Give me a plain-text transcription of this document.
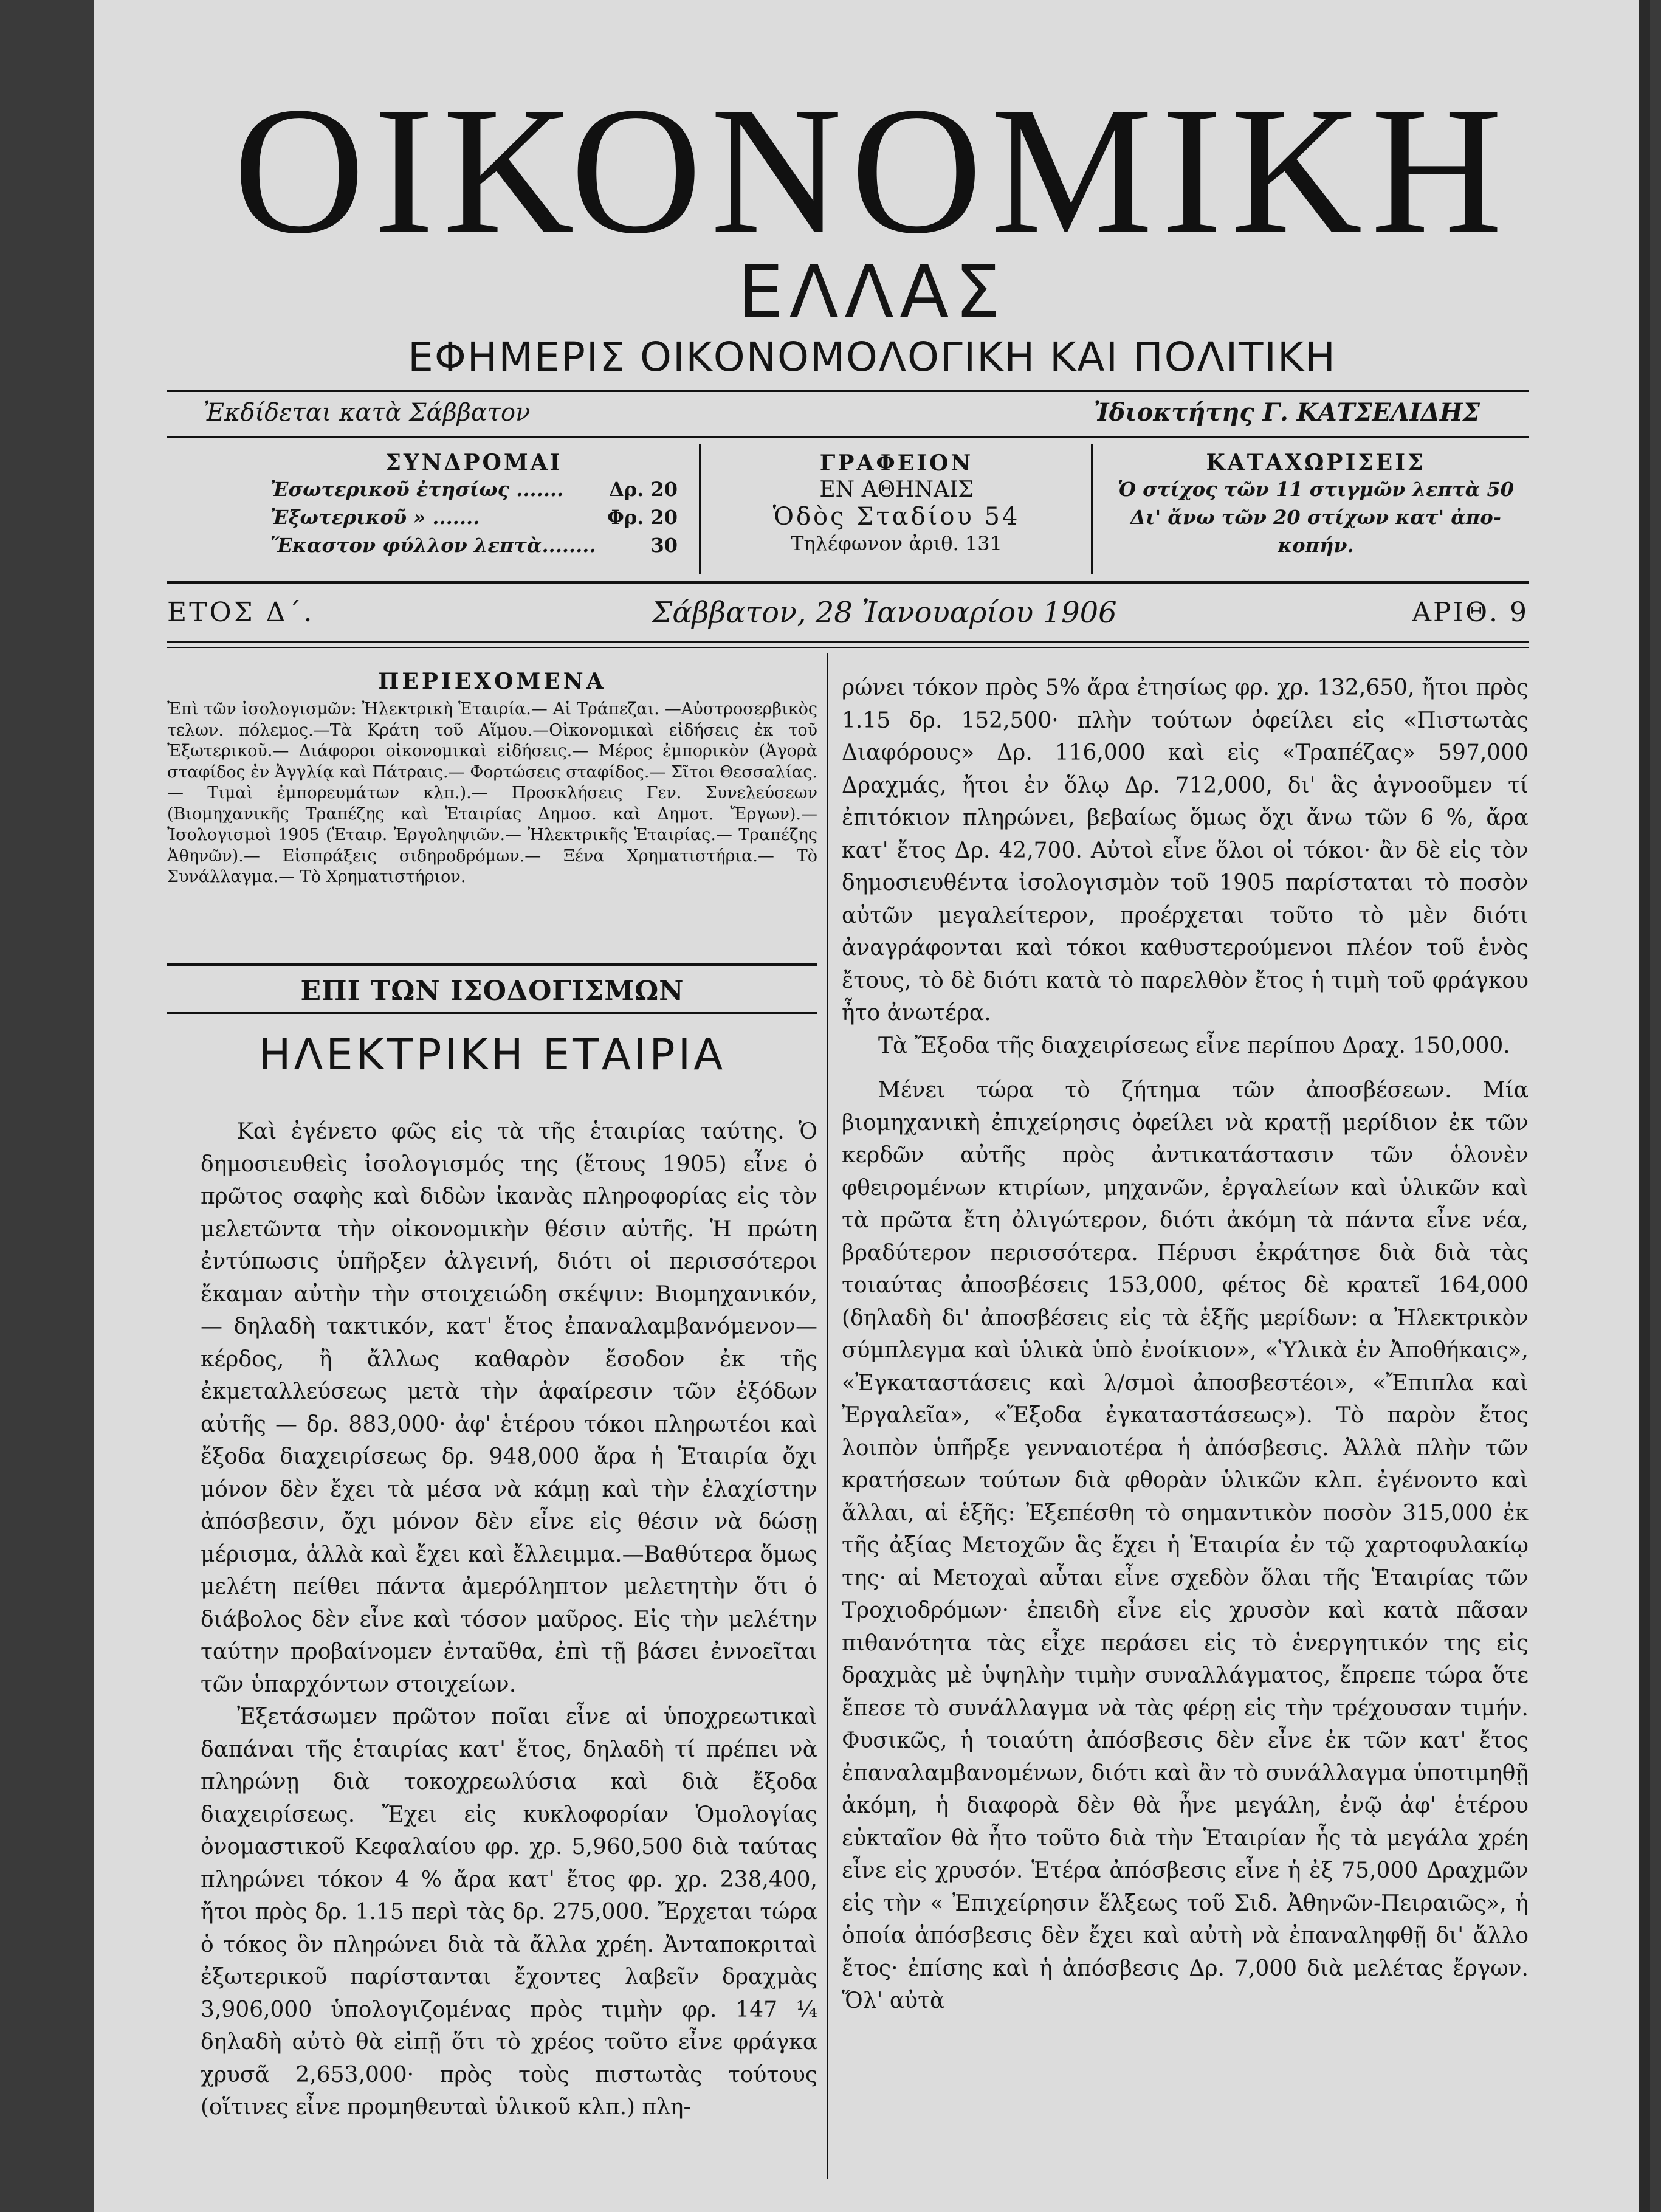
ΟΙΚΟΝΟΜΙΚΗ
ΕΛΛΑΣ
ΕΦΗΜΕΡΙΣ ΟΙΚΟΝΟΜΟΛΟΓΙΚΗ ΚΑΙ ΠΟΛΙΤΙΚΗ
Ἐκδίδεται κατὰ Σάββατον	Ἰδιοκτήτης Γ. ΚΑΤΣΕΛΙΔΗΣ
ΣΥΝΔΡΟΜΑΙ
Ἐσωτερικοῦ ἐτησίως ....... Δρ. 20
Ἐξωτερικοῦ » .......	Φρ. 20
Ἕκαστον φύλλον λεπτὰ........	30
ΓΡΑΦΕΙΟΝ
ΕΝ ΑΘΗΝΑΙΣ
Ὁδὸς Σταδίου 54
Τηλέφωνον ἀριθ. 131
ΚΑΤΑΧΩΡΙΣΕΙΣ
Ὁ στίχος τῶν 11 στιγμῶν λεπτὰ 50
Δι' ἄνω τῶν 20 στίχων κατ' ἀπο-
κοπήν.
ΕΤΟΣ Δ΄.	Σάββατον, 28 Ἰανουαρίου 1906	ΑΡΙΘ. 9
ΠΕΡΙΕΧΟΜΕΝΑ
Ἐπὶ τῶν ἰσολογισμῶν: Ἠλεκτρικὴ Ἑταιρία.— Αἱ Τράπεζαι. —Αὐστροσερβικὸς τελων. πόλεμος.—Τὰ Κράτη τοῦ Αἵμου.—Οἰκονομικαὶ εἰδήσεις ἐκ τοῦ Ἐξωτερικοῦ.— Διάφοροι οἰκονομικαὶ εἰδήσεις.— Μέρος ἐμπορικὸν (Ἀγορὰ σταφίδος ἐν Ἀγγλίᾳ καὶ Πάτραις.— Φορτώσεις σταφίδος.— Σῖτοι Θεσσαλίας.— Τιμαὶ ἐμπορευμάτων κλπ.).— Προσκλήσεις Γεν. Συνελεύσεων (Βιομηχανικῆς Τραπέζης καὶ Ἑταιρίας Δημοσ. καὶ Δημοτ. Ἔργων).— Ἰσολογισμοὶ 1905 (Ἑταιρ. Ἐργοληψιῶν.— Ἠλεκτρικῆς Ἑταιρίας.— Τραπέζης Ἀθηνῶν).— Εἰσπράξεις σιδηροδρόμων.— Ξένα Χρηματιστήρια.— Τὸ Συνάλλαγμα.— Τὸ Χρηματιστήριον.
ΕΠΙ ΤΩΝ ΙΣΟΔΟΓΙΣΜΩΝ
ΗΛΕΚΤΡΙΚΗ ΕΤΑΙΡΙΑ

Καὶ ἐγένετο φῶς εἰς τὰ τῆς ἑταιρίας ταύτης. Ὁ δημοσιευθεὶς ἰσολογισμός της (ἔτους 1905) εἶνε ὁ πρῶτος σαφὴς καὶ διδὼν ἱκανὰς πληροφορίας εἰς τὸν μελετῶντα τὴν οἰκονομικὴν θέσιν αὐτῆς. Ἡ πρώτη ἐντύπωσις ὑπῆρξεν ἀλγεινή, διότι οἱ περισσότεροι ἔκαμαν αὐτὴν τὴν στοιχειώδη σκέψιν: Βιομηχανικόν,— δηλαδὴ τακτικόν, κατ' ἔτος ἐπαναλαμβανόμενον— κέρδος, ἢ ἄλλως καθαρὸν ἔσοδον ἐκ τῆς ἐκμεταλλεύσεως μετὰ τὴν ἀφαίρεσιν τῶν ἐξόδων αὐτῆς — δρ. 883,000· ἀφ' ἑτέρου τόκοι πληρωτέοι καὶ ἔξοδα διαχειρίσεως δρ. 948,000 ἄρα ἡ Ἑταιρία ὄχι μόνον δὲν ἔχει τὰ μέσα νὰ κάμῃ καὶ τὴν ἐλαχίστην ἀπόσβεσιν, ὄχι μόνον δὲν εἶνε εἰς θέσιν νὰ δώσῃ μέρισμα, ἀλλὰ καὶ ἔχει καὶ ἔλλειμμα.—Βαθύτερα ὅμως μελέτη πείθει πάντα ἀμερόληπτον μελετητὴν ὅτι ὁ διάβολος δὲν εἶνε καὶ τόσον μαῦρος. Εἰς τὴν μελέτην ταύτην προβαίνομεν ἐνταῦθα, ἐπὶ τῇ βάσει ἐννοεῖται τῶν ὑπαρχόντων στοιχείων.

Ἐξετάσωμεν πρῶτον ποῖαι εἶνε αἱ ὑποχρεωτικαὶ δαπάναι τῆς ἑταιρίας κατ' ἔτος, δηλαδὴ τί πρέπει νὰ πληρώνῃ διὰ τοκοχρεωλύσια καὶ διὰ ἔξοδα διαχειρίσεως. Ἔχει εἰς κυκλοφορίαν Ὁμολογίας ὀνομαστικοῦ Κεφαλαίου φρ. χρ. 5,960,500 διὰ ταύτας πληρώνει τόκον 4 % ἄρα κατ' ἔτος φρ. χρ. 238,400, ἤτοι πρὸς δρ. 1.15 περὶ τὰς δρ. 275,000. Ἔρχεται τώρα ὁ τόκος ὃν πληρώνει διὰ τὰ ἄλλα χρέη. Ἀνταποκριταὶ ἐξωτερικοῦ παρίστανται ἔχοντες λαβεῖν δραχμὰς 3,906,000 ὑπολογιζομένας πρὸς τιμὴν φρ. 147 ¼ δηλαδὴ αὐτὸ θὰ εἰπῇ ὅτι τὸ χρέος τοῦτο εἶνε φράγκα χρυσᾶ 2,653,000· πρὸς τοὺς πιστωτὰς τούτους (οἵτινες εἶνε προμηθευταὶ ὑλικοῦ κλπ.) πλη-

ρώνει τόκον πρὸς 5% ἄρα ἐτησίως φρ. χρ. 132,650, ἤτοι πρὸς 1.15 δρ. 152,500· πλὴν τούτων ὀφείλει εἰς «Πιστωτὰς Διαφόρους» Δρ. 116,000 καὶ εἰς «Τραπέζας» 597,000 Δραχμάς, ἤτοι ἐν ὅλῳ Δρ. 712,000, δι' ἃς ἀγνοοῦμεν τί ἐπιτόκιον πληρώνει, βεβαίως ὅμως ὄχι ἄνω τῶν 6 %, ἄρα κατ' ἔτος Δρ. 42,700. Αὐτοὶ εἶνε ὅλοι οἱ τόκοι· ἂν δὲ εἰς τὸν δημοσιευθέντα ἰσολογισμὸν τοῦ 1905 παρίσταται τὸ ποσὸν αὐτῶν μεγαλείτερον, προέρχεται τοῦτο τὸ μὲν διότι ἀναγράφονται καὶ τόκοι καθυστερούμενοι πλέον τοῦ ἑνὸς ἔτους, τὸ δὲ διότι κατὰ τὸ παρελθὸν ἔτος ἡ τιμὴ τοῦ φράγκου ἦτο ἀνωτέρα.

Τὰ Ἔξοδα τῆς διαχειρίσεως εἶνε περίπου Δραχ. 150,000.

Μένει τώρα τὸ ζήτημα τῶν ἀποσβέσεων. Μία βιομηχανικὴ ἐπιχείρησις ὀφείλει νὰ κρατῇ μερίδιον ἐκ τῶν κερδῶν αὐτῆς πρὸς ἀντικατάστασιν τῶν ὁλονὲν φθειρομένων κτιρίων, μηχανῶν, ἐργαλείων καὶ ὑλικῶν καὶ τὰ πρῶτα ἔτη ὀλιγώτερον, διότι ἀκόμη τὰ πάντα εἶνε νέα, βραδύτερον περισσότερα. Πέρυσι ἐκράτησε διὰ διὰ τὰς τοιαύτας ἀποσβέσεις 153,000, φέτος δὲ κρατεῖ 164,000 (δηλαδὴ δι' ἀποσβέσεις εἰς τὰ ἑξῆς μερίδων: α Ἠλεκτρικὸν σύμπλεγμα καὶ ὑλικὰ ὑπὸ ἐνοίκιον», «Ὑλικὰ ἐν Ἀποθήκαις», «Ἐγκαταστάσεις καὶ λ/σμοὶ ἀποσβεστέοι», «Ἔπιπλα καὶ Ἐργαλεῖα», «Ἔξοδα ἐγκαταστάσεως»). Τὸ παρὸν ἔτος λοιπὸν ὑπῆρξε γενναιοτέρα ἡ ἀπόσβεσις. Ἀλλὰ πλὴν τῶν κρατήσεων τούτων διὰ φθορὰν ὑλικῶν κλπ. ἐγένοντο καὶ ἄλλαι, αἱ ἑξῆς: Ἐξεπέσθη τὸ σημαντικὸν ποσὸν 315,000 ἐκ τῆς ἀξίας Μετοχῶν ἃς ἔχει ἡ Ἑταιρία ἐν τῷ χαρτοφυλακίῳ της· αἱ Μετοχαὶ αὗται εἶνε σχεδὸν ὅλαι τῆς Ἑταιρίας τῶν Τροχιοδρόμων· ἐπειδὴ εἶνε εἰς χρυσὸν καὶ κατὰ πᾶσαν πιθανότητα τὰς εἶχε περάσει εἰς τὸ ἐνεργητικόν της εἰς δραχμὰς μὲ ὑψηλὴν τιμὴν συναλλάγματος, ἔπρεπε τώρα ὅτε ἔπεσε τὸ συνάλλαγμα νὰ τὰς φέρῃ εἰς τὴν τρέχουσαν τιμήν. Φυσικῶς, ἡ τοιαύτη ἀπόσβεσις δὲν εἶνε ἐκ τῶν κατ' ἔτος ἐπαναλαμβανομένων, διότι καὶ ἂν τὸ συνάλλαγμα ὑποτιμηθῇ ἀκόμη, ἡ διαφορὰ δὲν θὰ ἦνε μεγάλη, ἐνῷ ἀφ' ἑτέρου εὐκταῖον θὰ ἦτο τοῦτο διὰ τὴν Ἑταιρίαν ἧς τὰ μεγάλα χρέη εἶνε εἰς χρυσόν. Ἑτέρα ἀπόσβεσις εἶνε ἡ ἐξ 75,000 Δραχμῶν εἰς τὴν « Ἐπιχείρησιν ἕλξεως τοῦ Σιδ. Ἀθηνῶν-Πειραιῶς», ἡ ὁποία ἀπόσβεσις δὲν ἔχει καὶ αὐτὴ νὰ ἐπαναληφθῇ δι' ἄλλο ἔτος· ἐπίσης καὶ ἡ ἀπόσβεσις Δρ. 7,000 διὰ μελέτας ἔργων. Ὅλ' αὐτὰ
